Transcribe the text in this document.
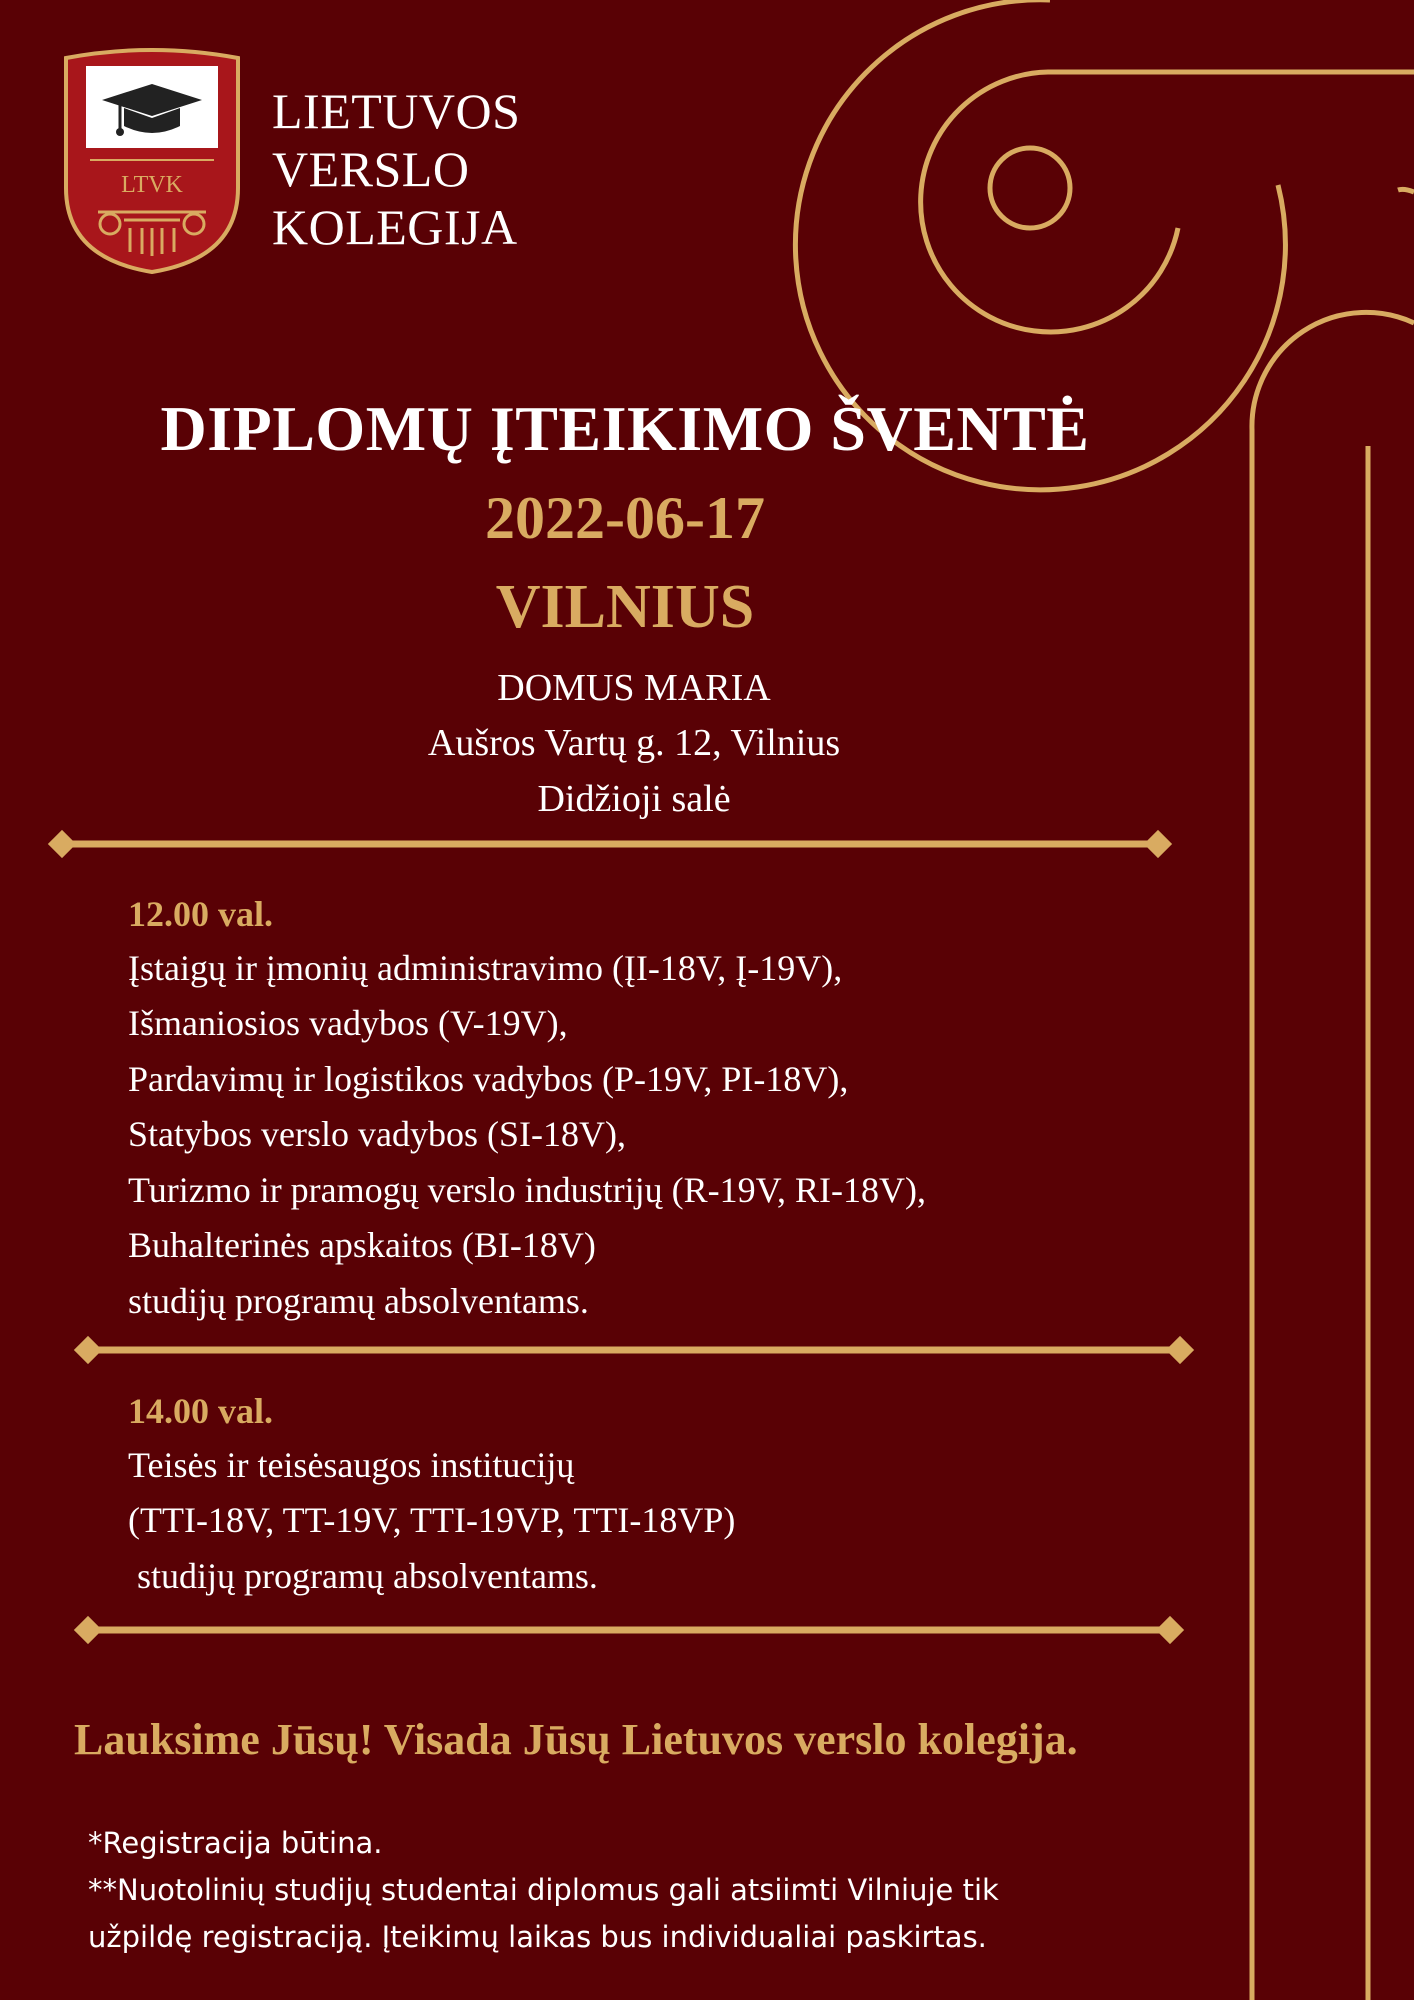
LTVK
LIETUVOS
VERSLO
KOLEGIJA
DIPLOMŲ ĮTEIKIMO ŠVENTĖ
2022-06-17
VILNIUS
DOMUS MARIA
Aušros Vartų g. 12, Vilnius
Didžioji salė
12.00 val.
Įstaigų ir įmonių administravimo (ĮI-18V, Į-19V),
Išmaniosios vadybos (V-19V),
Pardavimų ir logistikos vadybos (P-19V, PI-18V),
Statybos verslo vadybos (SI-18V),
Turizmo ir pramogų verslo industrijų (R-19V, RI-18V),
Buhalterinės apskaitos (BI-18V)
studijų programų absolventams.
14.00 val.
Teisės ir teisėsaugos institucijų
(TTI-18V, TT-19V, TTI-19VP, TTI-18VP)
studijų programų absolventams.
Lauksime Jūsų! Visada Jūsų Lietuvos verslo kolegija.
*Registracija būtina.
**Nuotolinių studijų studentai diplomus gali atsiimti Vilniuje tik
užpildę registraciją. Įteikimų laikas bus individualiai paskirtas.
